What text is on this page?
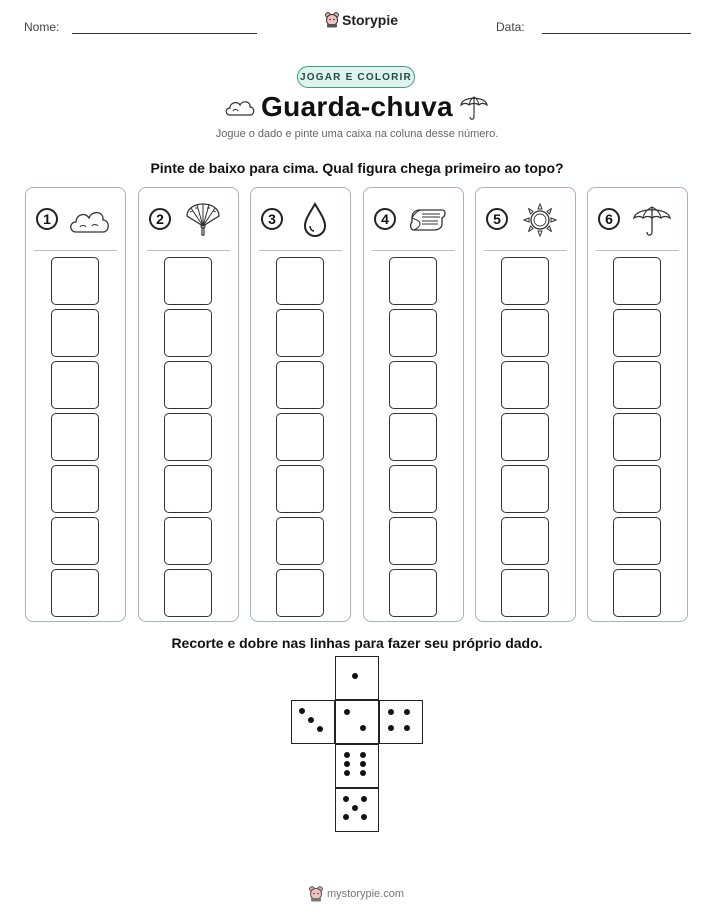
Nome:	Storypie	Data:
JOGAR E COLORIR
Guarda-chuva
Jogue o dado e pinte uma caixa na coluna desse número.
Pinte de baixo para cima. Qual figura chega primeiro ao topo?
1	2	3	4	5	6
Recorte e dobre nas linhas para fazer seu próprio dado.
mystorypie.com
